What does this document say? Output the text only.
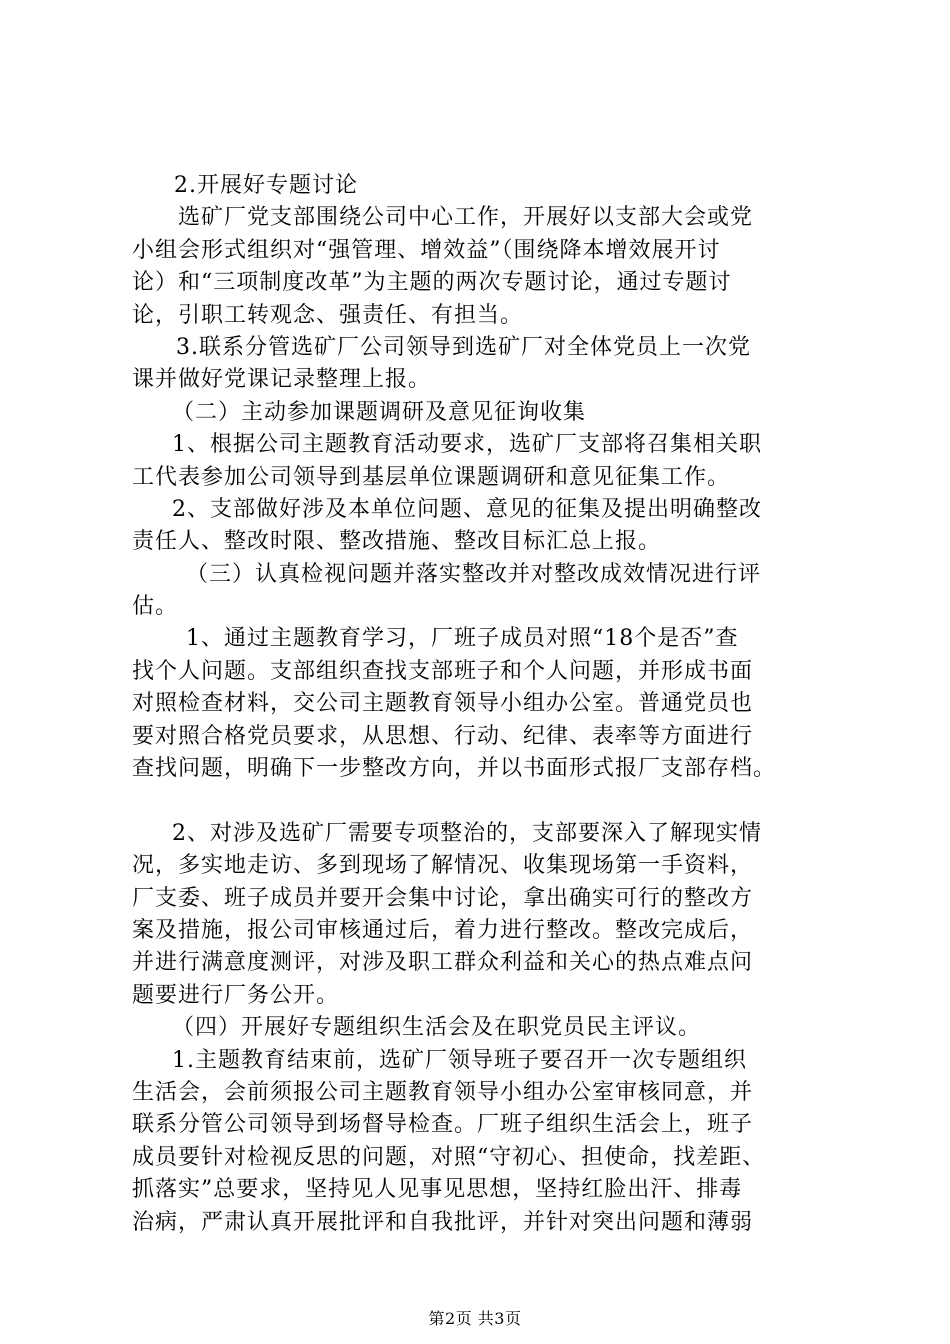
2.开展好专题讨论
选矿厂党支部围绕公司中心工作，开展好以支部大会或党
小组会形式组织对“强管理、增效益”（围绕降本增效展开讨
论）和“三项制度改革”为主题的两次专题讨论，通过专题讨
论，引职工转观念、强责任、有担当。
3.联系分管选矿厂公司领导到选矿厂对全体党员上一次党
课并做好党课记录整理上报。
（二）主动参加课题调研及意见征询收集
1、根据公司主题教育活动要求，选矿厂支部将召集相关职
工代表参加公司领导到基层单位课题调研和意见征集工作。
2、支部做好涉及本单位问题、意见的征集及提出明确整改
责任人、整改时限、整改措施、整改目标汇总上报。
（三）认真检视问题并落实整改并对整改成效情况进行评
估。
1、通过主题教育学习，厂班子成员对照“18个是否”查
找个人问题。支部组织查找支部班子和个人问题，并形成书面
对照检查材料，交公司主题教育领导小组办公室。普通党员也
要对照合格党员要求，从思想、行动、纪律、表率等方面进行
查找问题，明确下一步整改方向，并以书面形式报厂支部存档。
2、对涉及选矿厂需要专项整治的，支部要深入了解现实情
况，多实地走访、多到现场了解情况、收集现场第一手资料，
厂支委、班子成员并要开会集中讨论，拿出确实可行的整改方
案及措施，报公司审核通过后，着力进行整改。整改完成后，
并进行满意度测评，对涉及职工群众利益和关心的热点难点问
题要进行厂务公开。
（四）开展好专题组织生活会及在职党员民主评议。
1.主题教育结束前，选矿厂领导班子要召开一次专题组织
生活会，会前须报公司主题教育领导小组办公室审核同意，并
联系分管公司领导到场督导检查。厂班子组织生活会上，班子
成员要针对检视反思的问题，对照“守初心、担使命，找差距、
抓落实”总要求，坚持见人见事见思想，坚持红脸出汗、排毒
治病，严肃认真开展批评和自我批评，并针对突出问题和薄弱
第2页 共3页
